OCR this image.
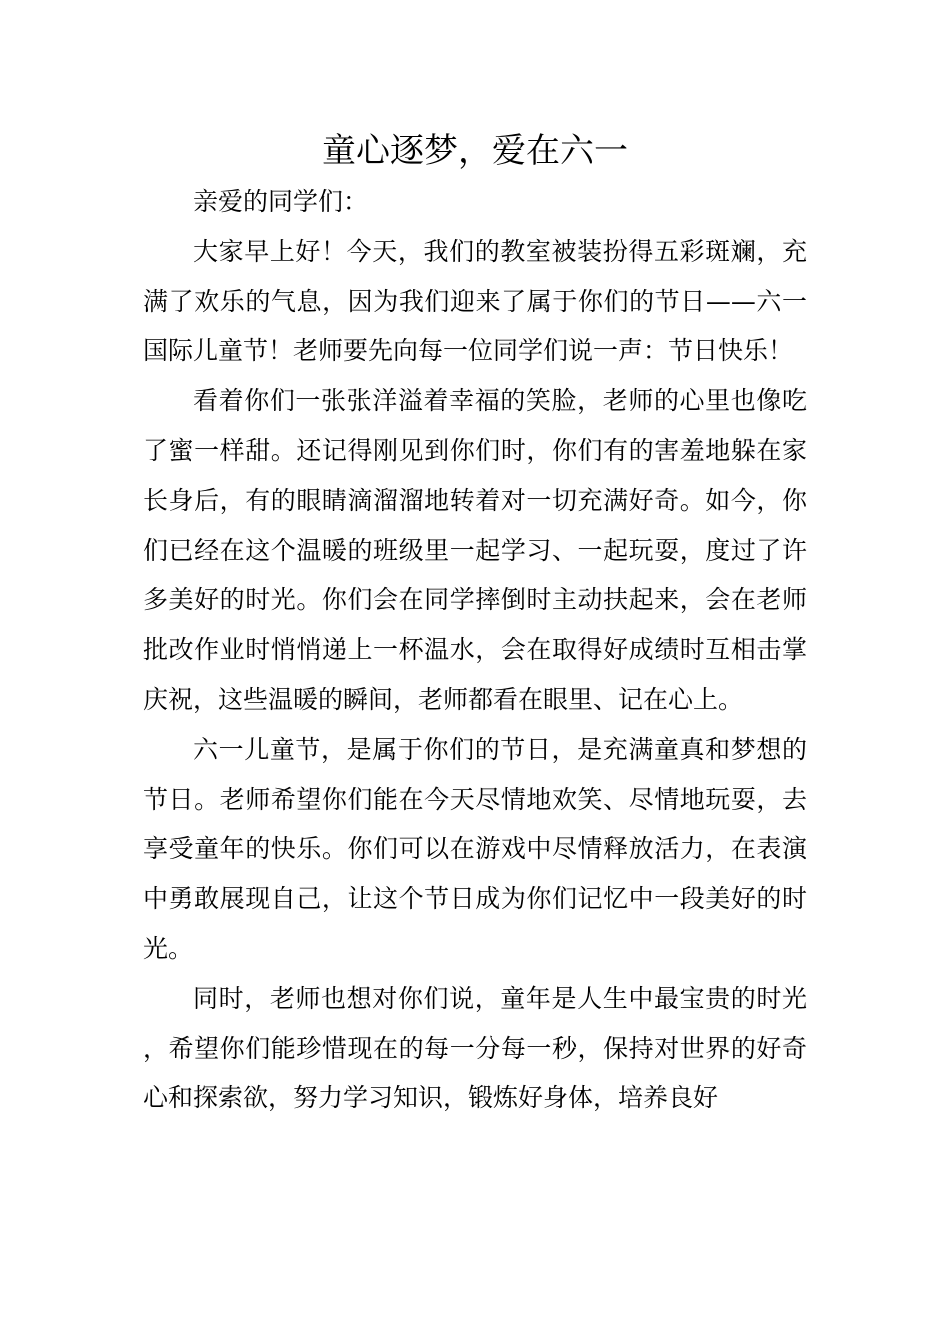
童心逐梦，爱在六一

亲爱的同学们：

大家早上好！今天，我们的教室被装扮得五彩斑斓，充满了欢乐的气息，因为我们迎来了属于你们的节日——六一国际儿童节！老师要先向每一位同学们说一声：节日快乐！

看着你们一张张洋溢着幸福的笑脸，老师的心里也像吃了蜜一样甜。还记得刚见到你们时，你们有的害羞地躲在家长身后，有的眼睛滴溜溜地转着对一切充满好奇。如今，你们已经在这个温暖的班级里一起学习、一起玩耍，度过了许多美好的时光。你们会在同学摔倒时主动扶起来，会在老师批改作业时悄悄递上一杯温水，会在取得好成绩时互相击掌庆祝，这些温暖的瞬间，老师都看在眼里、记在心上。

六一儿童节，是属于你们的节日，是充满童真和梦想的节日。老师希望你们能在今天尽情地欢笑、尽情地玩耍，去享受童年的快乐。你们可以在游戏中尽情释放活力，在表演中勇敢展现自己，让这个节日成为你们记忆中一段美好的时光。

同时，老师也想对你们说，童年是人生中最宝贵的时光，希望你们能珍惜现在的每一分每一秒，保持对世界的好奇心和探索欲，努力学习知识，锻炼好身体，培养良好
